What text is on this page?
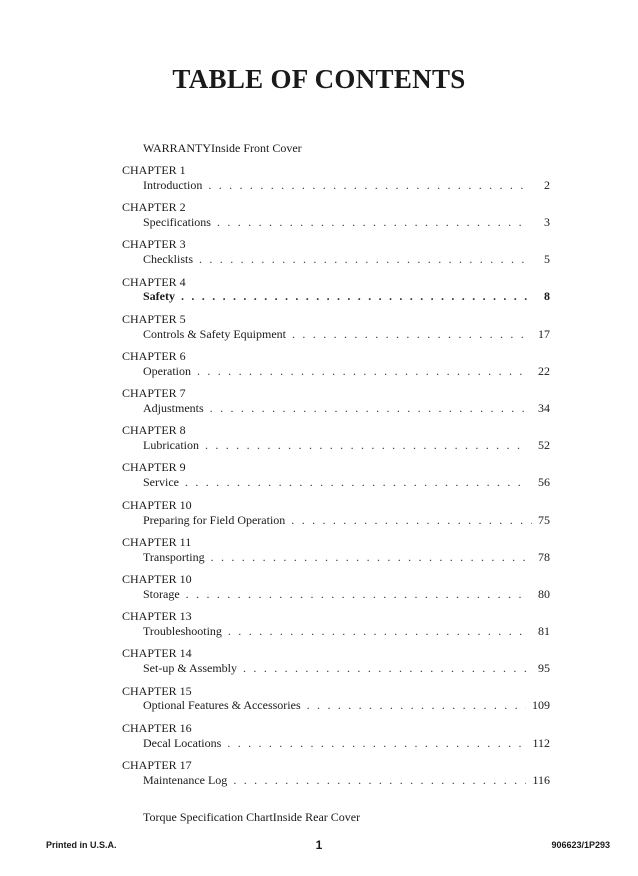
TABLE OF CONTENTS
WARRANTY Inside Front Cover
CHAPTER 1
Introduction . . .	2
CHAPTER 2
Specifications . . .	3
CHAPTER 3
Checklists . . .	5
CHAPTER 4
Safety . . .	8
CHAPTER 5
Controls & Safety Equipment . . .	17
CHAPTER 6
Operation . . .	22
CHAPTER 7
Adjustments . . .	34
CHAPTER 8
Lubrication . . .	52
CHAPTER 9
Service . . .	56
CHAPTER 10
Preparing for Field Operation . . .	75
CHAPTER 11
Transporting . . .	78
CHAPTER 10
Storage . . .	80
CHAPTER 13
Troubleshooting . . .	81
CHAPTER 14
Set-up & Assembly . . .	95
CHAPTER 15
Optional Features & Accessories . . .	109
CHAPTER 16
Decal Locations . . .	112
CHAPTER 17
Maintenance Log . . .	116
Torque Specification Chart Inside Rear Cover
Printed in U.S.A.	1	906623/1P293
